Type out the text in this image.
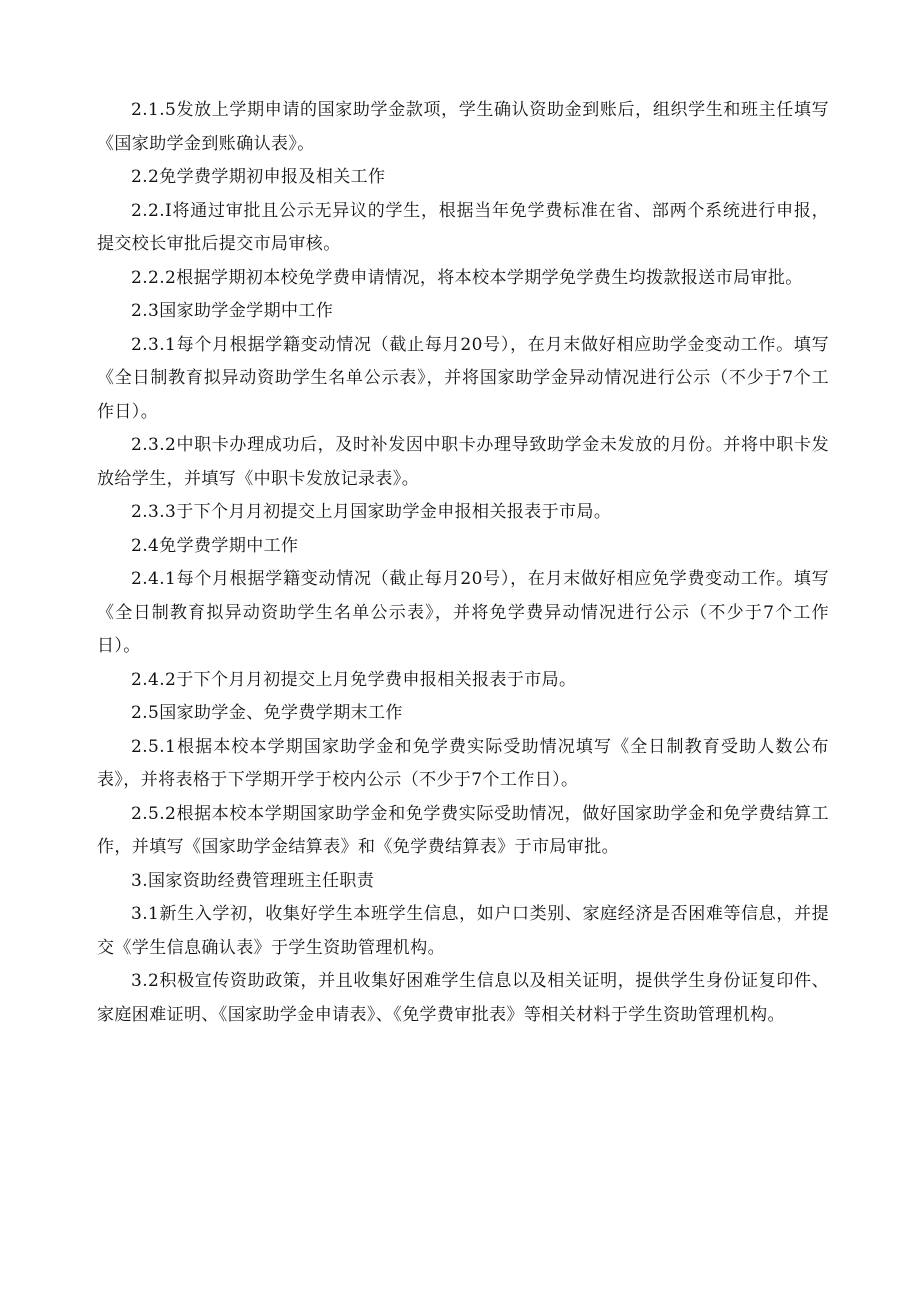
2.1.5发放上学期申请的国家助学金款项，学生确认资助金到账后，组织学生和班主任填写《国家助学金到账确认表》。

2.2免学费学期初申报及相关工作

2.2.I将通过审批且公示无异议的学生，根据当年免学费标准在省、部两个系统进行申报，提交校长审批后提交市局审核。

2.2.2根据学期初本校免学费申请情况，将本校本学期学免学费生均拨款报送市局审批。

2.3国家助学金学期中工作

2.3.1每个月根据学籍变动情况（截止每月20号），在月末做好相应助学金变动工作。填写《全日制教育拟异动资助学生名单公示表》，并将国家助学金异动情况进行公示（不少于7个工作日）。

2.3.2中职卡办理成功后，及时补发因中职卡办理导致助学金未发放的月份。并将中职卡发放给学生，并填写《中职卡发放记录表》。

2.3.3于下个月月初提交上月国家助学金申报相关报表于市局。

2.4免学费学期中工作

2.4.1每个月根据学籍变动情况（截止每月20号），在月末做好相应免学费变动工作。填写《全日制教育拟异动资助学生名单公示表》，并将免学费异动情况进行公示（不少于7个工作日）。

2.4.2于下个月月初提交上月免学费申报相关报表于市局。

2.5国家助学金、免学费学期末工作

2.5.1根据本校本学期国家助学金和免学费实际受助情况填写《全日制教育受助人数公布表》，并将表格于下学期开学于校内公示（不少于7个工作日）。

2.5.2根据本校本学期国家助学金和免学费实际受助情况，做好国家助学金和免学费结算工作，并填写《国家助学金结算表》和《免学费结算表》于市局审批。

3.国家资助经费管理班主任职责

3.1新生入学初，收集好学生本班学生信息，如户口类别、家庭经济是否困难等信息，并提交《学生信息确认表》于学生资助管理机构。

3.2积极宣传资助政策，并且收集好困难学生信息以及相关证明，提供学生身份证复印件、家庭困难证明、《国家助学金申请表》、《免学费审批表》等相关材料于学生资助管理机构。
